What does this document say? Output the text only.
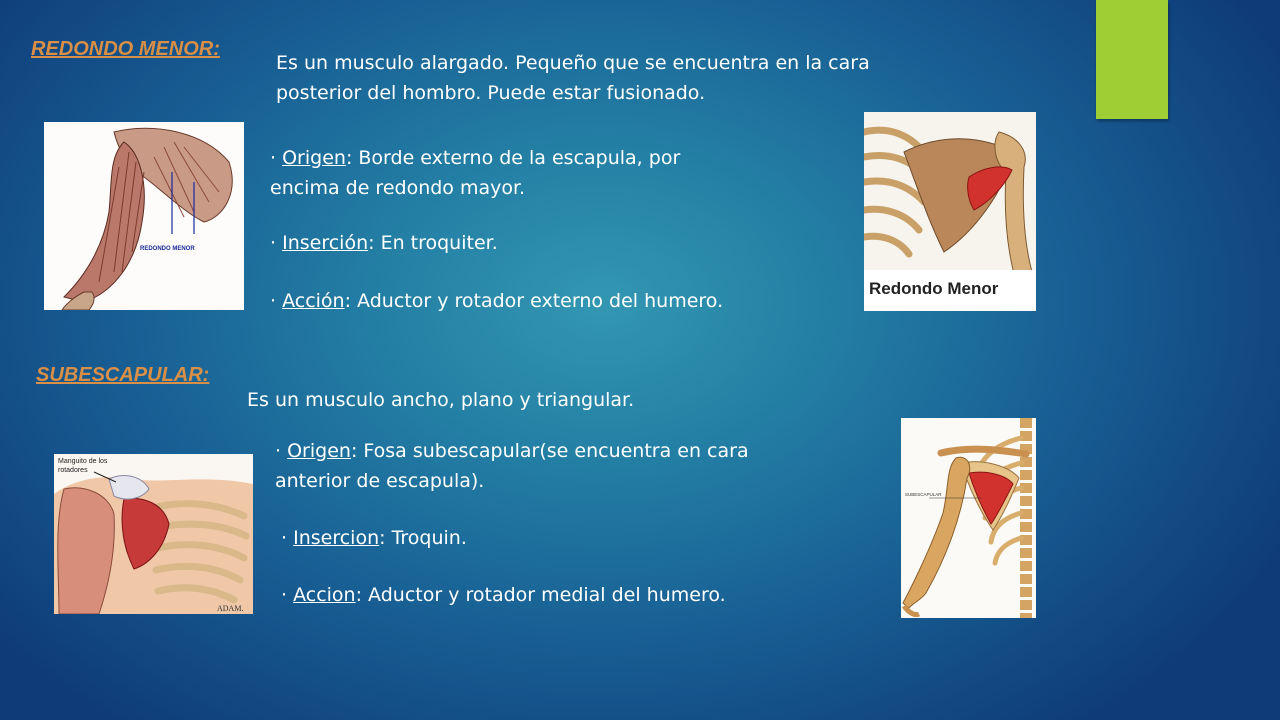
REDONDO MENOR:

Es un musculo alargado. Pequeño que se encuentra en la cara
posterior del hombro. Puede estar fusionado.

· Origen: Borde externo de la escapula, por
encima de redondo mayor.

· Inserción: En troquiter.

· Acción: Aductor y rotador externo del humero.

REDONDO MENOR
Redondo Menor
SUBESCAPULAR:

Es un musculo ancho, plano y triangular.

· Origen: Fosa subescapular(se encuentra en cara
anterior de escapula).

· Insercion: Troquin.

· Accion: Aductor y rotador medial del humero.

Manguito de los
rotadores
ADAM.
SUBESCAPULAR
